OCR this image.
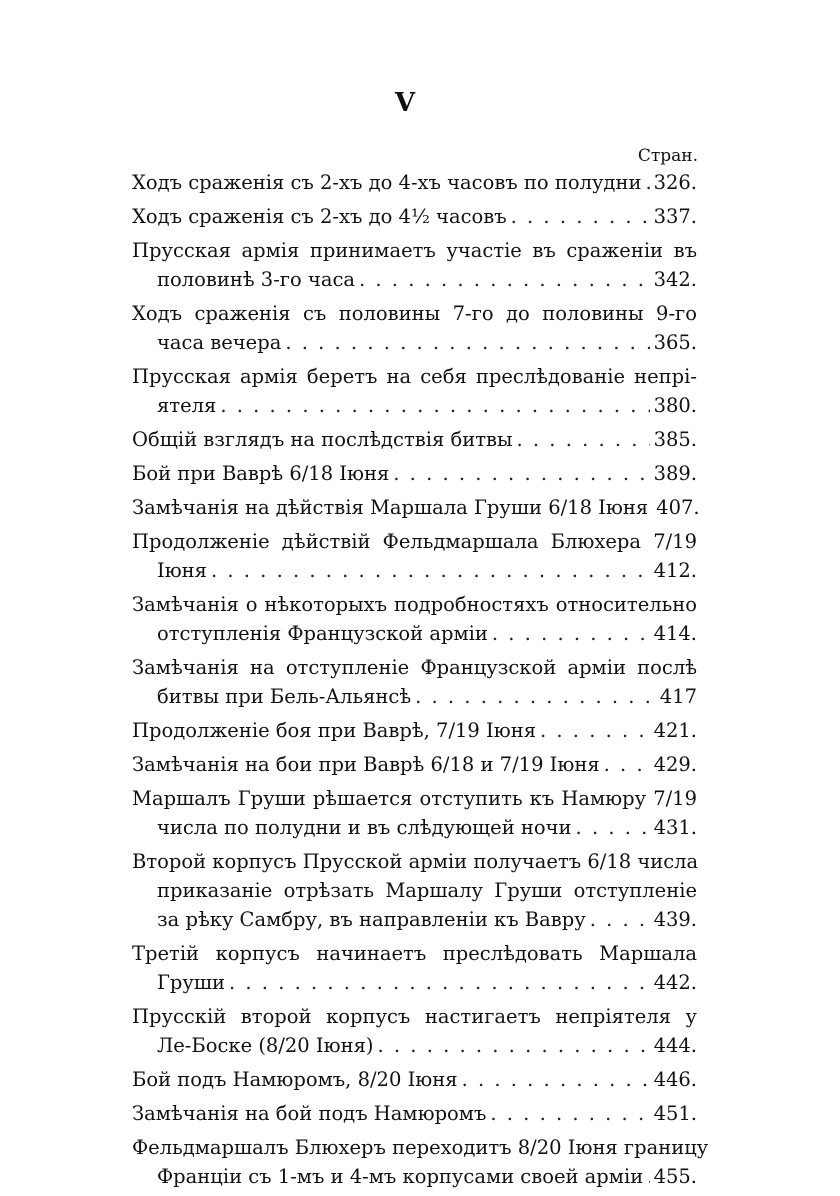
V
Стран.
Ходъ сраженія съ 2-хъ до 4-хъ часовъ по полудни . . . 326.
Ходъ сраженія съ 2-хъ до 4½ часовъ . . .	337.
Прусская армія принимаетъ участіе въ сраженіи въ
половинѣ 3-го часа . . .	342.
Ходъ сраженія съ половины 7-го до половины 9-го
часа вечера . . .	365.
Прусская армія беретъ на себя преслѣдованіе непрі-
ятеля . . .	380.
Общій взглядъ на послѣдствія битвы . . .	385.
Бой при Ваврѣ 6/18 Іюня . . .	389.
Замѣчанія на дѣйствія Маршала Груши 6/18 Іюня 407.
Продолженіе дѣйствій Фельдмаршала Блюхера 7/19
Іюня . . .	412.
Замѣчанія о нѣкоторыхъ подробностяхъ относительно
отступленія Французской арміи . . .	414.
Замѣчанія на отступленіе Французской арміи послѣ
битвы при Бель-Альянсѣ . . .	417
Продолженіе боя при Ваврѣ, 7/19 Іюня . . .	421.
Замѣчанія на бои при Ваврѣ 6/18 и 7/19 Іюня . . .	429.
Маршалъ Груши рѣшается отступить къ Намюру 7/19
числа по полудни и въ слѣдующей ночи . . .	431.
Второй корпусъ Прусской арміи получаетъ 6/18 числа
приказаніе отрѣзать Маршалу Груши отступленіе
за рѣку Самбру, въ направленіи къ Вавру . . .	439.
Третій корпусъ начинаетъ преслѣдовать Маршала
Груши . . .	442.
Прусскій второй корпусъ настигаетъ непріятеля у
Ле-Боске (8/20 Іюня) . . .	444.
Бой подъ Намюромъ, 8/20 Іюня . . .	446.
Замѣчанія на бой подъ Намюромъ . . .	451.
Фельдмаршалъ Блюхеръ переходитъ 8/20 Іюня границу
Франціи съ 1-мъ и 4-мъ корпусами своей арміи . . . 455.
